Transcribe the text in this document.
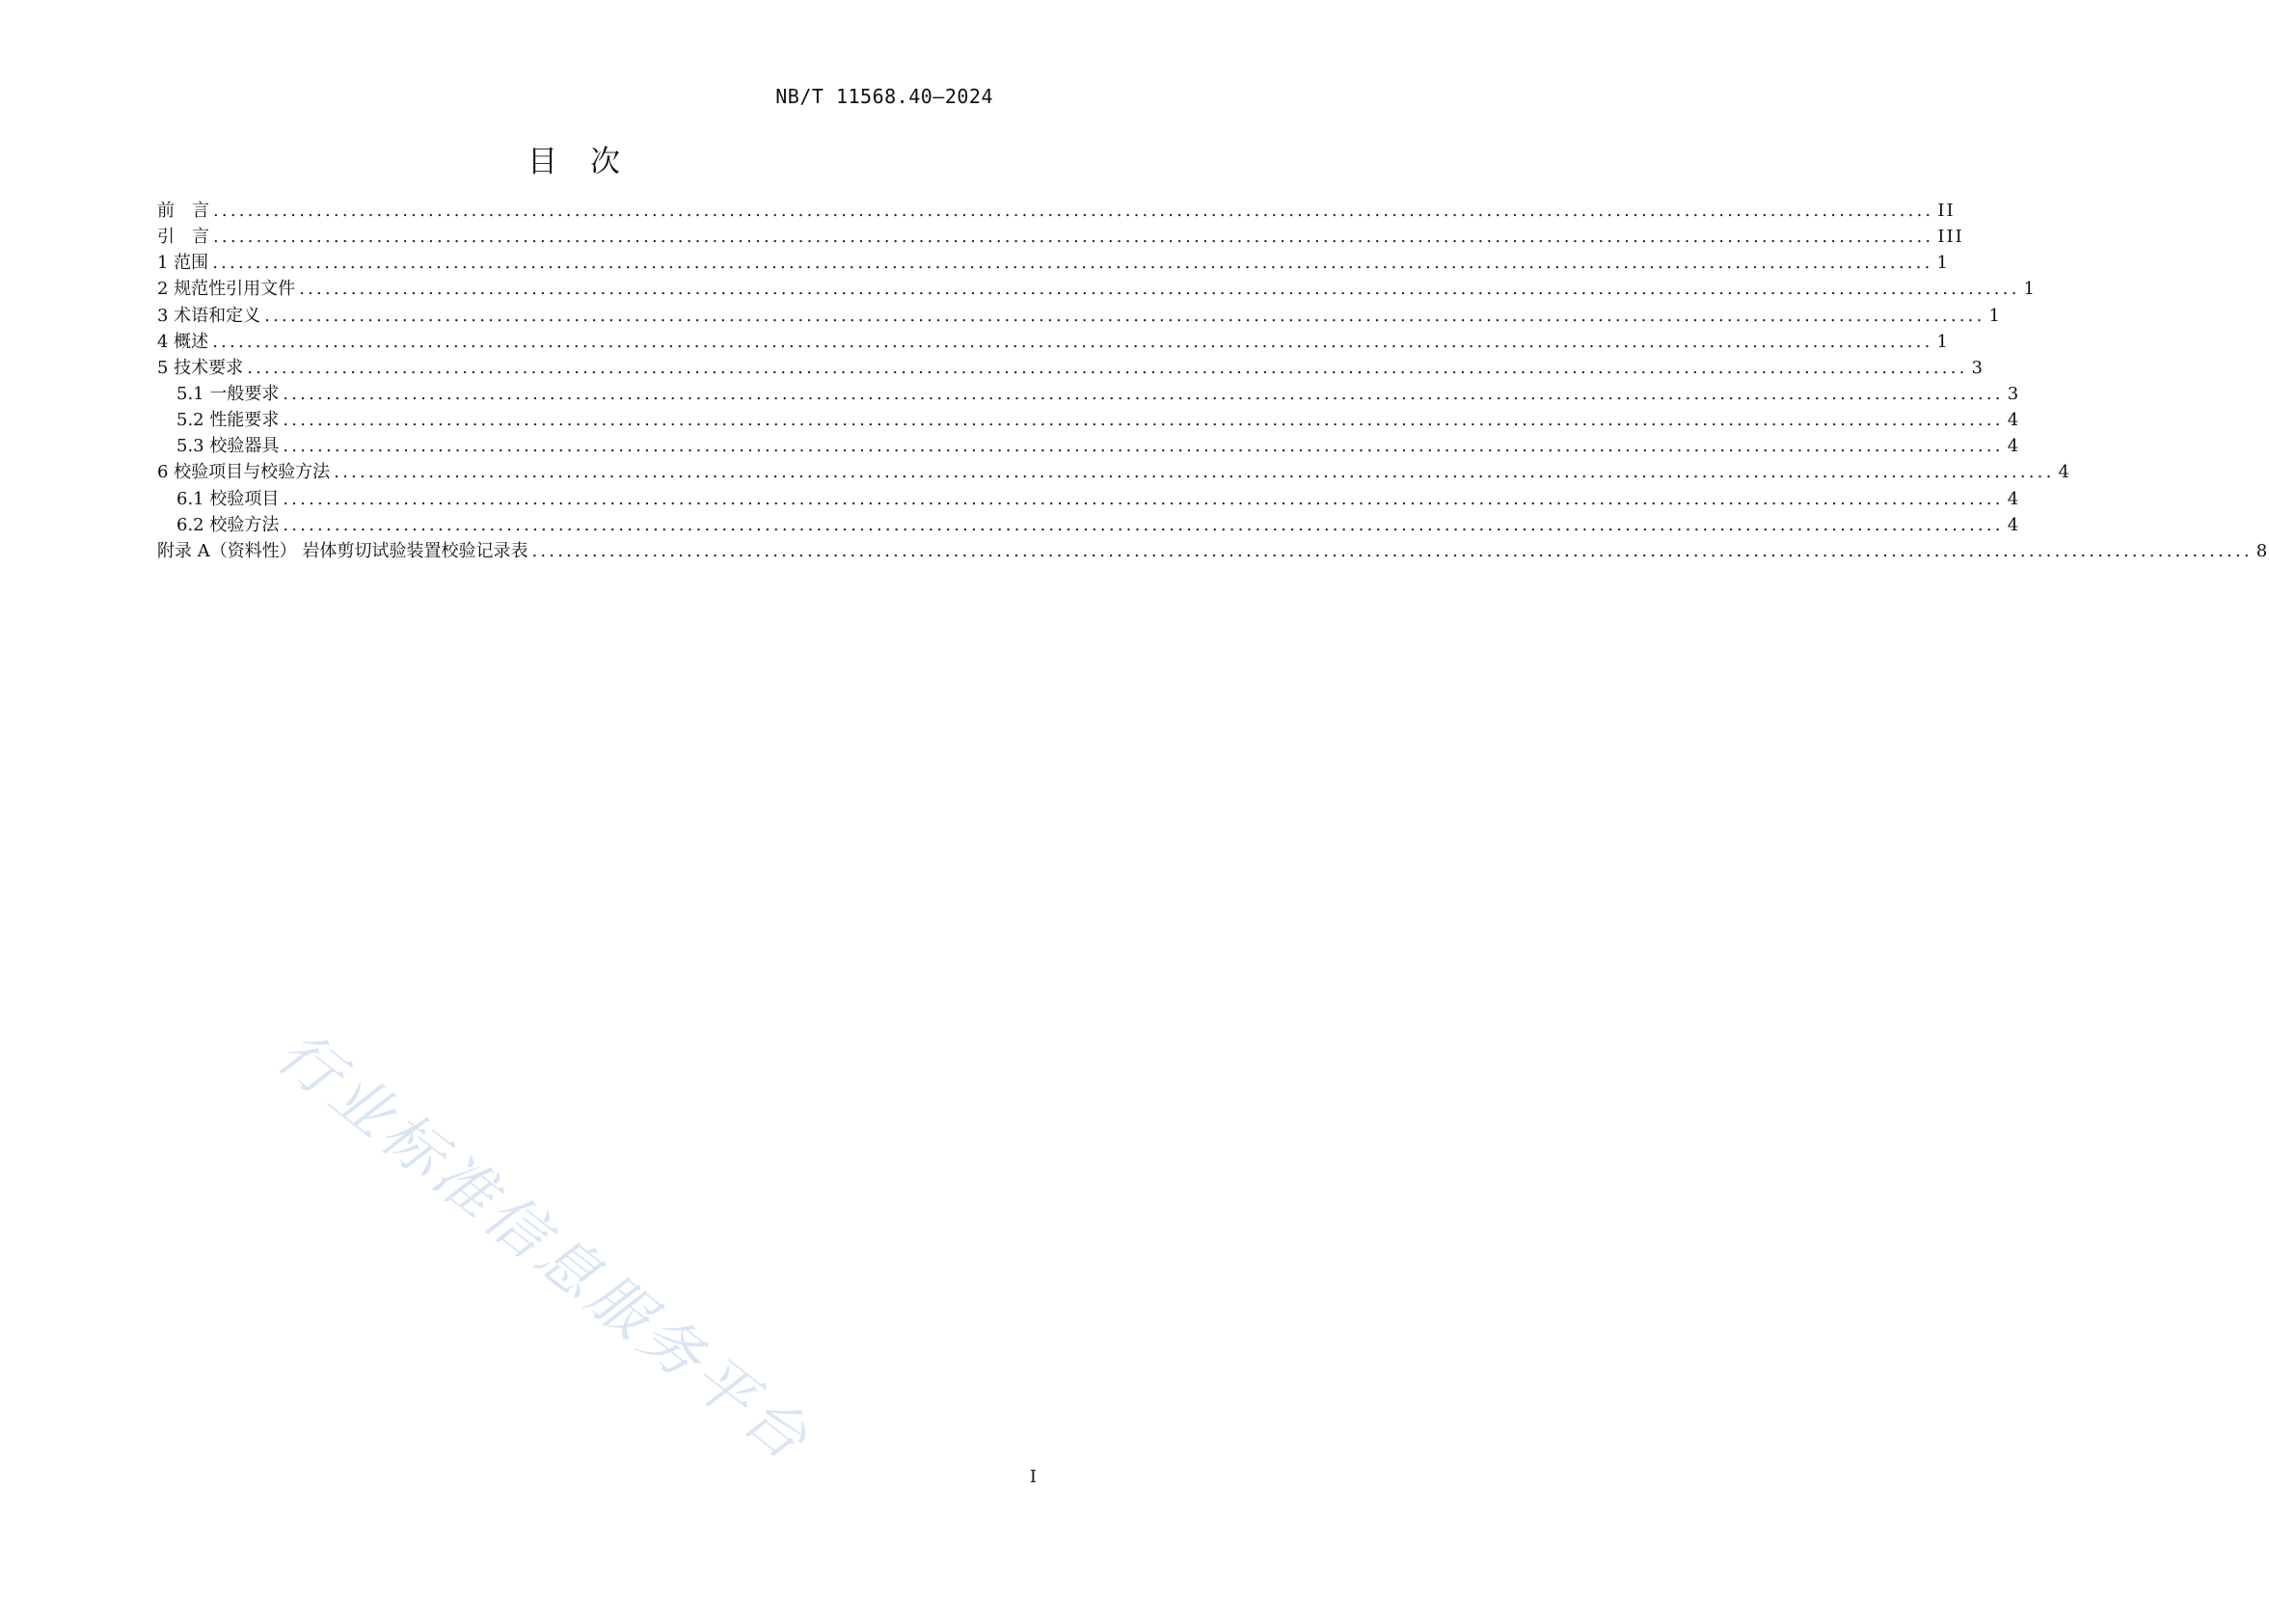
NB/T 11568.40—2024
目 次
前　言 ........................................................................................................................................................................................................ II
引　言 ........................................................................................................................................................................................................ III
1 范围 ........................................................................................................................................................................................................ 1
2 规范性引用文件 ........................................................................................................................................................................................................ 1
3 术语和定义 ........................................................................................................................................................................................................ 1
4 概述 ........................................................................................................................................................................................................ 1
5 技术要求 ........................................................................................................................................................................................................ 3
5.1 一般要求 ........................................................................................................................................................................................................ 3
5.2 性能要求 ........................................................................................................................................................................................................ 4
5.3 校验器具 ........................................................................................................................................................................................................ 4
6 校验项目与校验方法 ........................................................................................................................................................................................................ 4
6.1 校验项目 ........................................................................................................................................................................................................ 4
6.2 校验方法 ........................................................................................................................................................................................................ 4
附录 A（资料性） 岩体剪切试验装置校验记录表 ........................................................................................................................................................................................................ 8
行业标准信息服务平台
I
